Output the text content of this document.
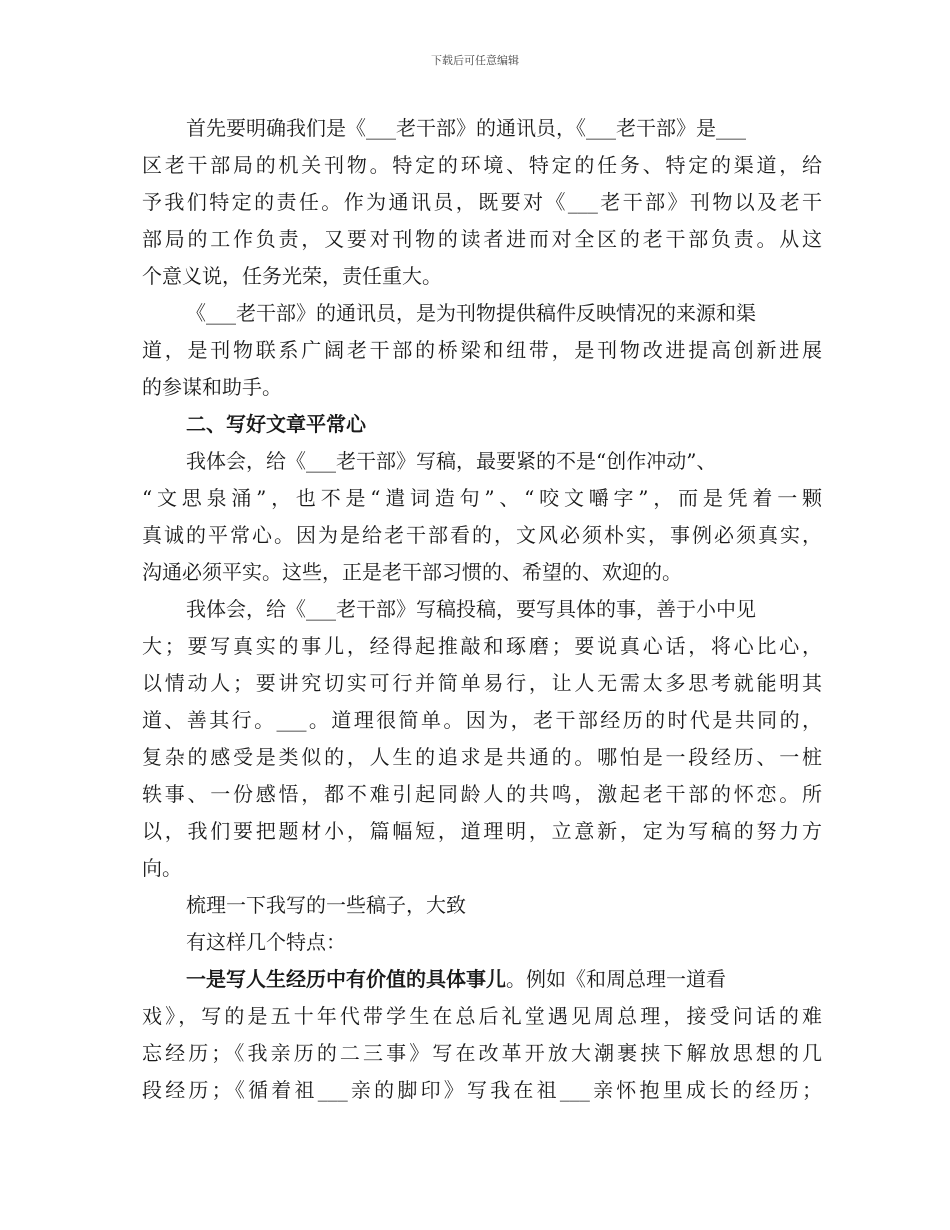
下载后可任意编辑
首先要明确我们是《___老干部》的通讯员，《___老干部》是___
区老干部局的机关刊物。特定的环境、特定的任务、特定的渠道，给
予我们特定的责任。作为通讯员，既要对《___老干部》刊物以及老干
部局的工作负责，又要对刊物的读者进而对全区的老干部负责。从这
个意义说，任务光荣，责任重大。
《___老干部》的通讯员，是为刊物提供稿件反映情况的来源和渠
道，是刊物联系广阔老干部的桥梁和纽带，是刊物改进提高创新进展
的参谋和助手。
二、写好文章平常心
我体会，给《___老干部》写稿，最要紧的不是“创作冲动”、
“文思泉涌”，也不是“遣词造句”、“咬文嚼字”，而是凭着一颗
真诚的平常心。因为是给老干部看的，文风必须朴实，事例必须真实，
沟通必须平实。这些，正是老干部习惯的、希望的、欢迎的。
我体会，给《___老干部》写稿投稿，要写具体的事，善于小中见
大；要写真实的事儿，经得起推敲和琢磨；要说真心话，将心比心，
以情动人；要讲究切实可行并简单易行，让人无需太多思考就能明其
道、善其行。___。道理很简单。因为，老干部经历的时代是共同的，
复杂的感受是类似的，人生的追求是共通的。哪怕是一段经历、一桩
轶事、一份感悟，都不难引起同龄人的共鸣，激起老干部的怀恋。所
以，我们要把题材小，篇幅短，道理明，立意新，定为写稿的努力方
向。
梳理一下我写的一些稿子，大致
有这样几个特点：
一是写人生经历中有价值的具体事儿。例如《和周总理一道看
戏》，写的是五十年代带学生在总后礼堂遇见周总理，接受问话的难
忘经历；《我亲历的二三事》写在改革开放大潮裹挟下解放思想的几
段经历；《循着祖___亲的脚印》写我在祖___亲怀抱里成长的经历；
